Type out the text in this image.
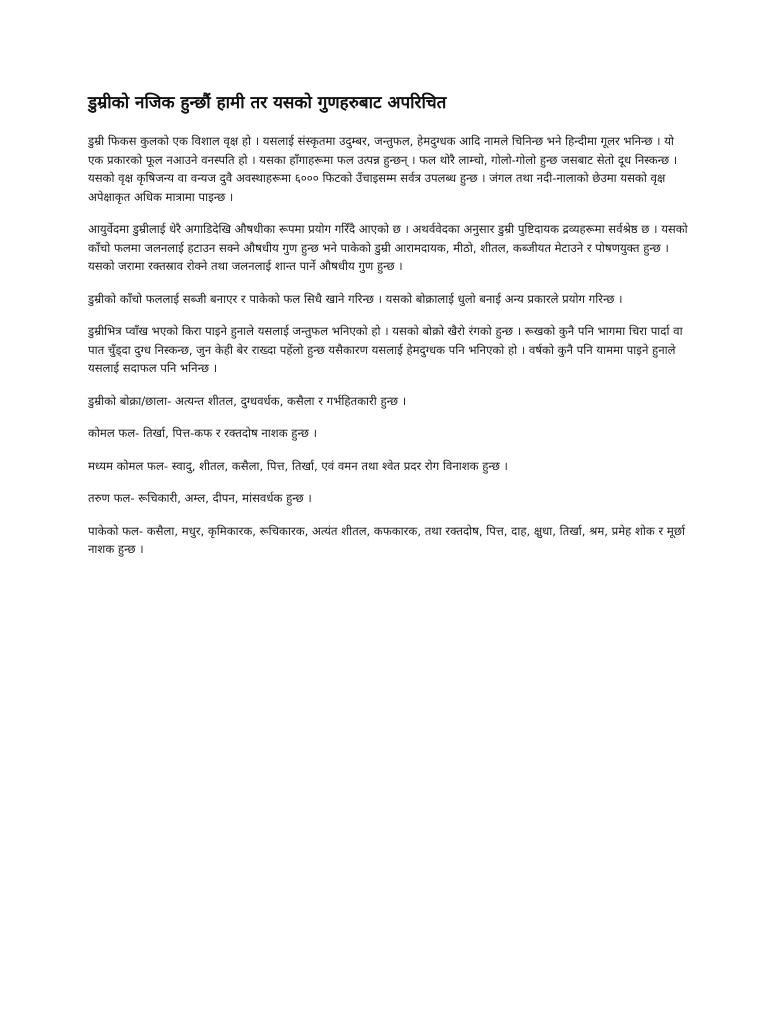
डुम्रीको नजिक हुन्छौं हामी तर यसको गुणहरुबाट अपरिचित

डुम्री फिकस कुलको एक विशाल वृक्ष हो । यसलाई संस्कृतमा उदुम्बर, जन्तुफल, हेमदुग्धक आदि नामले चिनिन्छ भने हिन्दीमा गूलर भनिन्छ । यो एक प्रकारको फूल नआउने वनस्पति हो । यसका हाँगाहरूमा फल उत्पन्न हुन्छन् । फल थोरै लाम्चो, गोलो-गोलो हुन्छ जसबाट सेतो दूध निस्कन्छ । यसको वृक्ष कृषिजन्य वा वन्यज दुवै अवस्थाहरूमा ६००० फिटको उँचाइसम्म सर्वत्र उपलब्ध हुन्छ । जंगल तथा नदी-नालाको छेउमा यसको वृक्ष अपेक्षाकृत अधिक मात्रामा पाइन्छ ।

आयुर्वेदमा डुम्रीलाई धेरै अगाडिदेखि औषधीका रूपमा प्रयोग गरिँदै आएको छ । अथर्ववेदका अनुसार डुम्री पुष्टिदायक द्रव्यहरूमा सर्वश्रेष्ठ छ । यसको काँचो फलमा जलनलाई हटाउन सक्ने औषधीय गुण हुन्छ भने पाकेको डुम्री आरामदायक, मीठो, शीतल, कब्जीयत मेटाउने र पोषणयुक्त हुन्छ । यसको जरामा रक्तस्राव रोक्ने तथा जलनलाई शान्त पार्ने औषधीय गुण हुन्छ ।

डुम्रीको काँचो फललाई सब्जी बनाएर र पाकेको फल सिधै खाने गरिन्छ । यसको बोक्रालाई धुलो बनाई अन्य प्रकारले प्रयोग गरिन्छ ।

डुम्रीभित्र प्वाँख भएको किरा पाइने हुनाले यसलाई जन्तुफल भनिएको हो । यसको बोक्रो खैरो रंगको हुन्छ । रूखको कुनै पनि भागमा चिरा पार्दा वा पात चुँड्दा दुग्ध निस्कन्छ, जुन केही बेर राख्दा पहेंलो हुन्छ यसैकारण यसलाई हेमदुग्धक पनि भनिएको हो । वर्षको कुनै पनि याममा पाइने हुनाले यसलाई सदाफल पनि भनिन्छ ।

डुम्रीको बोक्रा/छाला- अत्यन्त शीतल, दुग्धवर्धक, कसैला र गर्भहितकारी हुन्छ ।

कोमल फल- तिर्खा, पित्त-कफ र रक्तदोष नाशक हुन्छ ।

मध्यम कोमल फल- स्वादु, शीतल, कसैला, पित्त, तिर्खा, एवं वमन तथा श्वेत प्रदर रोग विनाशक हुन्छ ।

तरुण फल- रूचिकारी, अम्ल, दीपन, मांसवर्धक हुन्छ ।

पाकेको फल- कसैला, मधुर, कृमिकारक, रूचिकारक, अत्यंत शीतल, कफकारक, तथा रक्तदोष, पित्त, दाह, क्षुधा, तिर्खा, श्रम, प्रमेह शोक र मूर्छा नाशक हुन्छ ।
